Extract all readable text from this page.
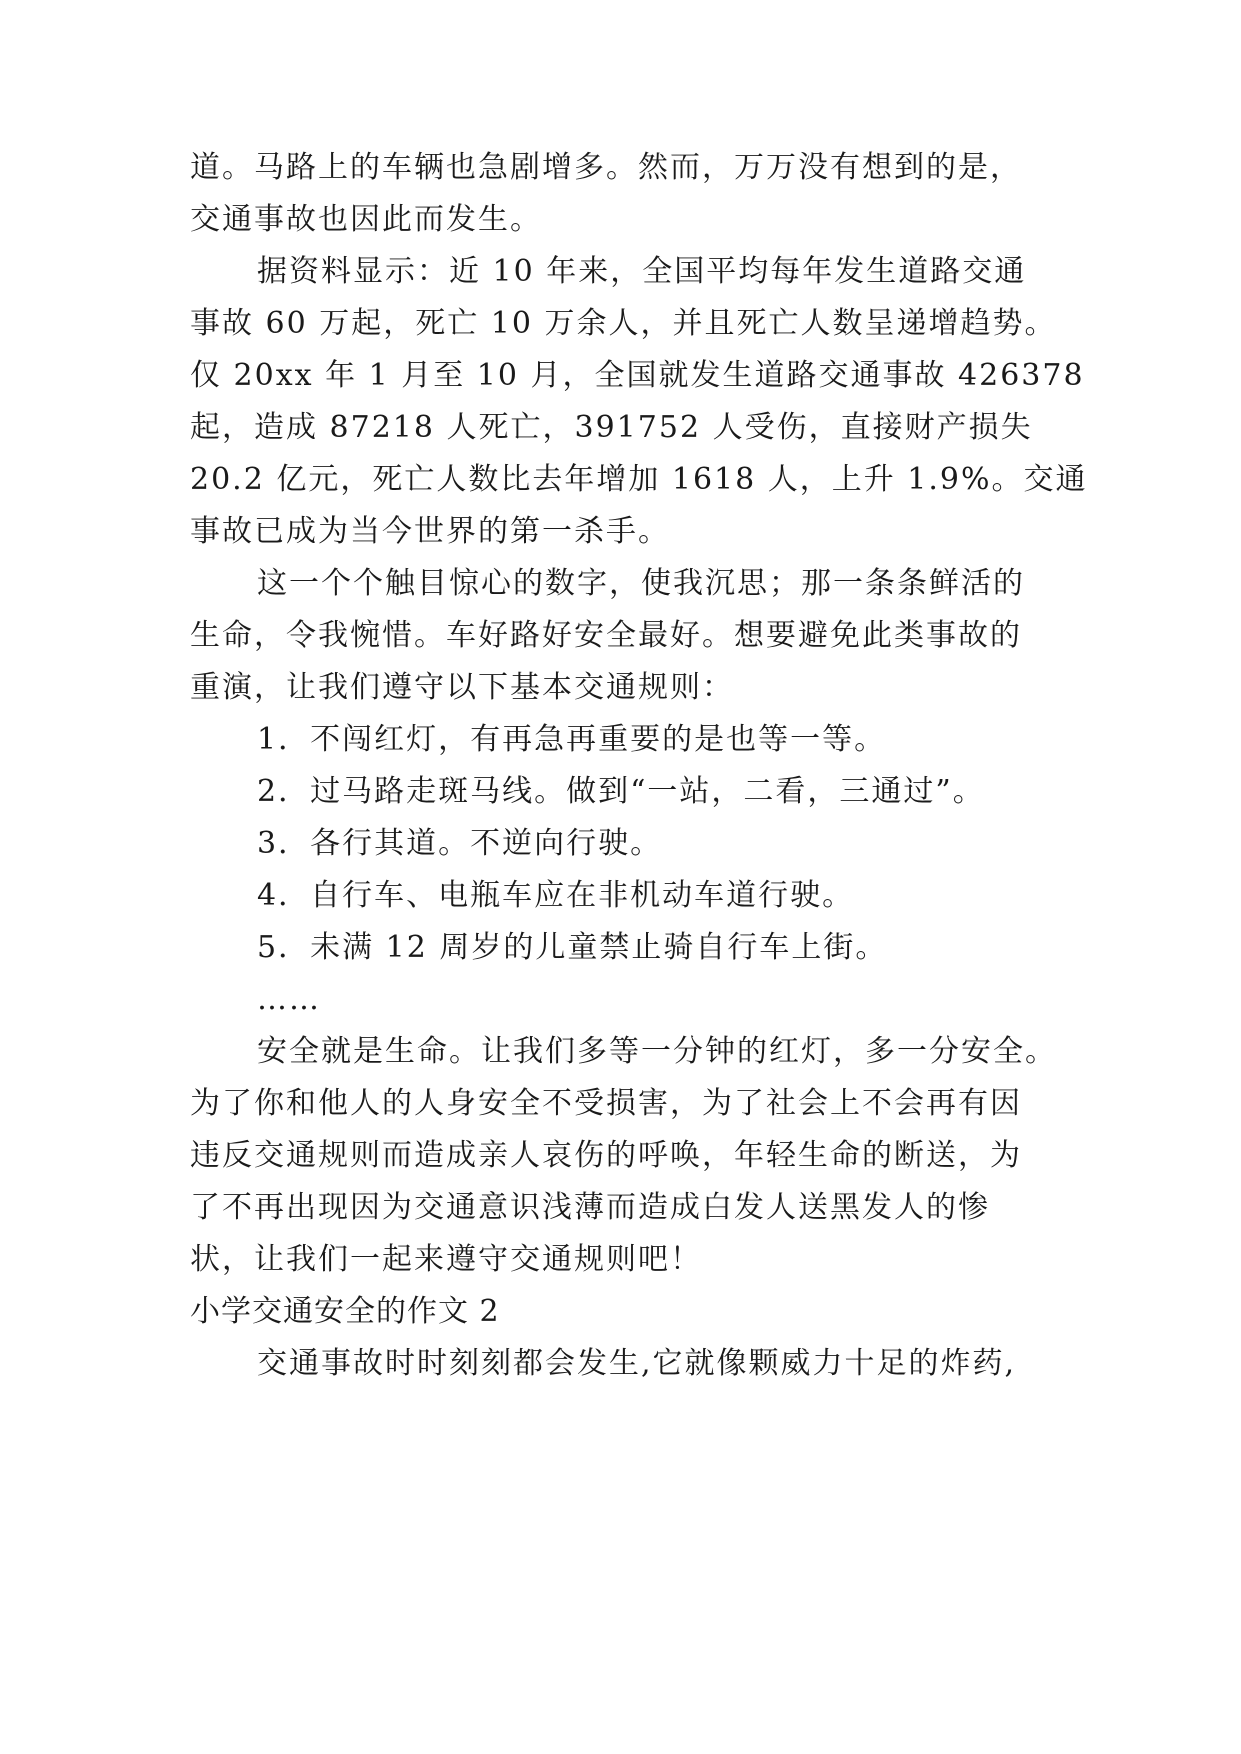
道。马路上的车辆也急剧增多。然而，万万没有想到的是，
交通事故也因此而发生。
据资料显示：近 10 年来，全国平均每年发生道路交通
事故 60 万起，死亡 10 万余人，并且死亡人数呈递增趋势。
仅 20xx 年 1 月至 10 月，全国就发生道路交通事故 426378
起，造成 87218 人死亡，391752 人受伤，直接财产损失
20.2 亿元，死亡人数比去年增加 1618 人，上升 1.9%。交通
事故已成为当今世界的第一杀手。
这一个个触目惊心的数字，使我沉思；那一条条鲜活的
生命，令我惋惜。车好路好安全最好。想要避免此类事故的
重演，让我们遵守以下基本交通规则：
1．不闯红灯，有再急再重要的是也等一等。
2．过马路走斑马线。做到“一站，二看，三通过”。
3．各行其道。不逆向行驶。
4．自行车、电瓶车应在非机动车道行驶。
5．未满 12 周岁的儿童禁止骑自行车上街。
……
安全就是生命。让我们多等一分钟的红灯，多一分安全。
为了你和他人的人身安全不受损害，为了社会上不会再有因
违反交通规则而造成亲人哀伤的呼唤，年轻生命的断送，为
了不再出现因为交通意识浅薄而造成白发人送黑发人的惨
状，让我们一起来遵守交通规则吧！
小学交通安全的作文 2
交通事故时时刻刻都会发生,它就像颗威力十足的炸药,
